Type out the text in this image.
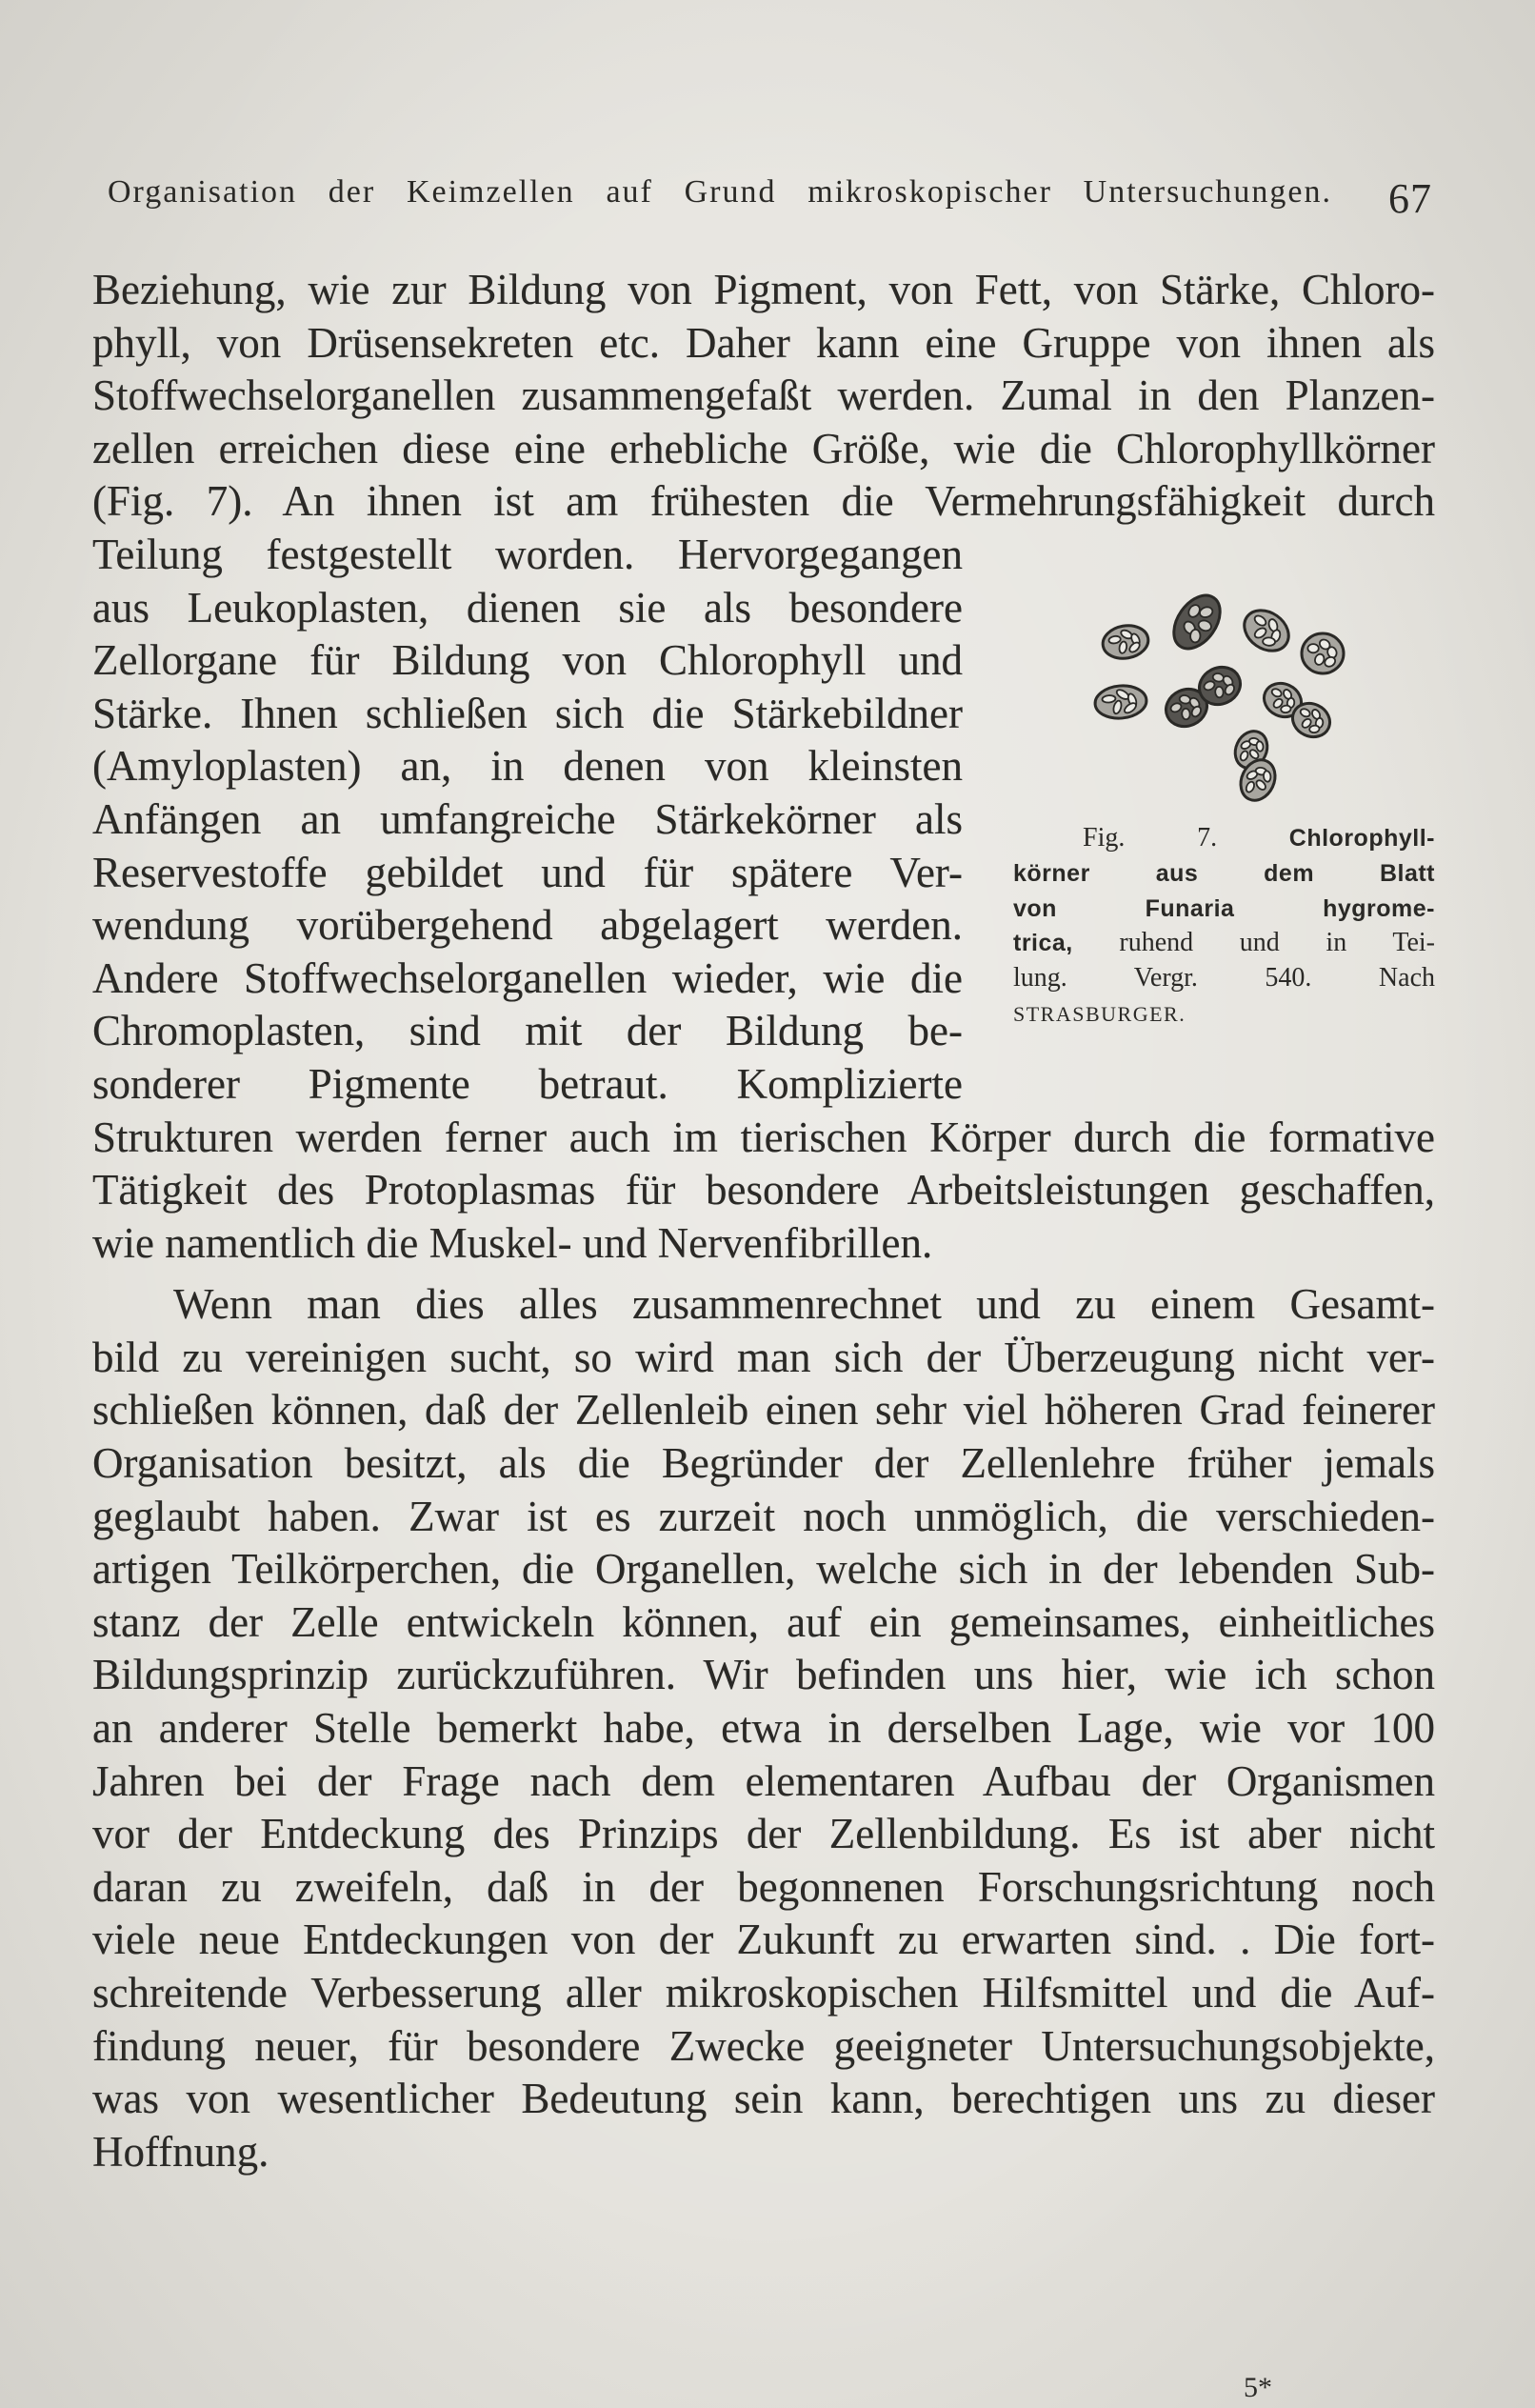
Organisation der Keimzellen auf Grund mikroskopischer Untersuchungen. 67
Beziehung, wie zur Bildung von Pigment, von Fett, von Stärke, Chloro-
phyll, von Drüsensekreten etc. Daher kann eine Gruppe von ihnen als
Stoffwechselorganellen zusammengefaßt werden. Zumal in den Planzen-
zellen erreichen diese eine erhebliche Größe, wie die Chlorophyllkörner
(Fig. 7). An ihnen ist am frühesten die Vermehrungsfähigkeit durch
Teilung festgestellt worden. Hervorgegangen
aus Leukoplasten, dienen sie als besondere
Zellorgane für Bildung von Chlorophyll und
Stärke. Ihnen schließen sich die Stärkebildner
(Amyloplasten) an, in denen von kleinsten
Anfängen an umfangreiche Stärkekörner als
Reservestoffe gebildet und für spätere Ver-
wendung vorübergehend abgelagert werden.
Andere Stoffwechselorganellen wieder, wie die
Chromoplasten, sind mit der Bildung be-
sonderer Pigmente betraut. Komplizierte
Strukturen werden ferner auch im tierischen Körper durch die formative
Tätigkeit des Protoplasmas für besondere Arbeitsleistungen geschaffen,
wie namentlich die Muskel- und Nervenfibrillen.
Wenn man dies alles zusammenrechnet und zu einem Gesamt-
bild zu vereinigen sucht, so wird man sich der Überzeugung nicht ver-
schließen können, daß der Zellenleib einen sehr viel höheren Grad feinerer
Organisation besitzt, als die Begründer der Zellenlehre früher jemals
geglaubt haben. Zwar ist es zurzeit noch unmöglich, die verschieden-
artigen Teilkörperchen, die Organellen, welche sich in der lebenden Sub-
stanz der Zelle entwickeln können, auf ein gemeinsames, einheitliches
Bildungsprinzip zurückzuführen. Wir befinden uns hier, wie ich schon
an anderer Stelle bemerkt habe, etwa in derselben Lage, wie vor 100
Jahren bei der Frage nach dem elementaren Aufbau der Organismen
vor der Entdeckung des Prinzips der Zellenbildung. Es ist aber nicht
daran zu zweifeln, daß in der begonnenen Forschungsrichtung noch
viele neue Entdeckungen von der Zukunft zu erwarten sind. . Die fort-
schreitende Verbesserung aller mikroskopischen Hilfsmittel und die Auf-
findung neuer, für besondere Zwecke geeigneter Untersuchungsobjekte,
was von wesentlicher Bedeutung sein kann, berechtigen uns zu dieser
Hoffnung.
Fig. 7.	Chlorophyll-
körner aus dem Blatt
von Funaria hygrome-
trica, ruhend und in Tei-
lung. Vergr. 540. Nach
STRASBURGER.
5*
